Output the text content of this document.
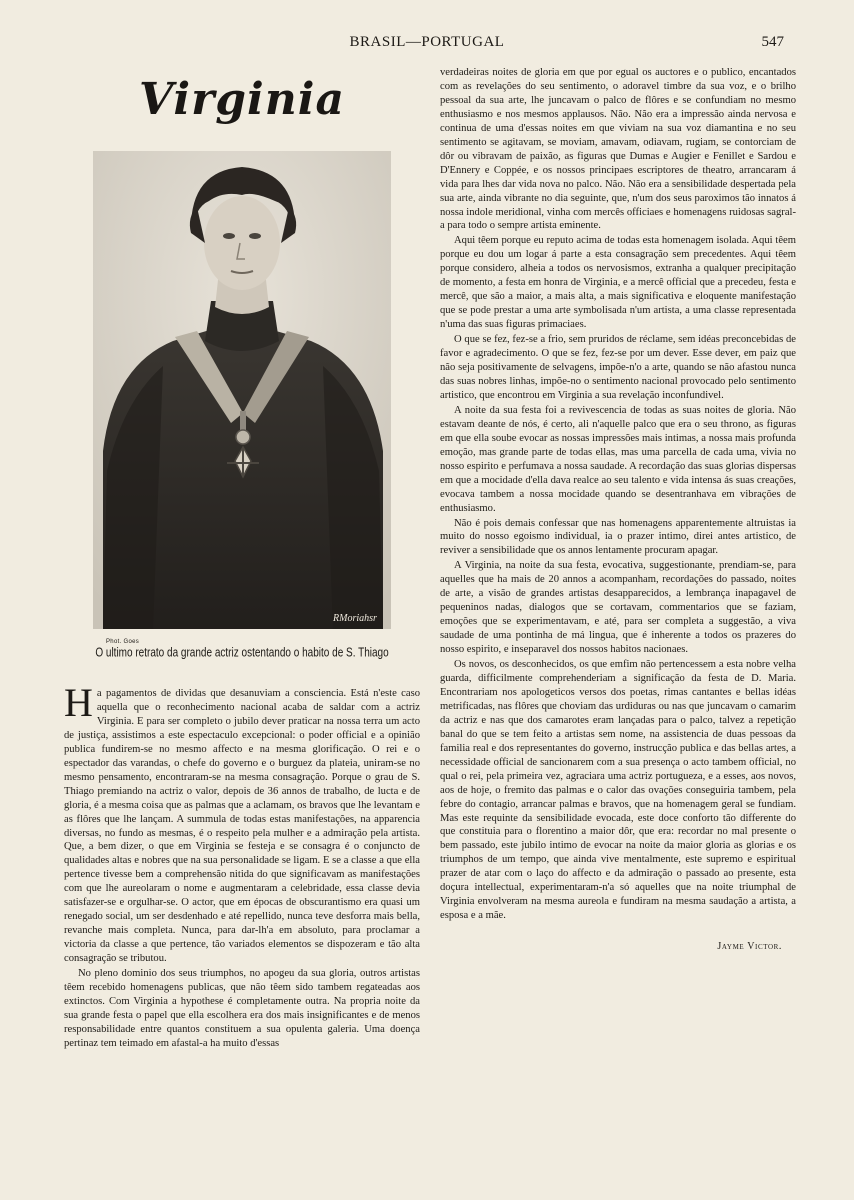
BRASIL—PORTUGAL	547
Virginia
RMoriahsr
Phot. Goes
O ultimo retrato da grande actriz ostentando o habito de S. Thiago

Ha pagamentos de dividas que desanuviam a consciencia. Está n'este caso aquella que o reconhecimento nacional acaba de saldar com a actriz Virginia. E para ser completo o jubilo dever praticar na nossa terra um acto de justiça, assistimos a este espectaculo excepcional: o poder official e a opinião publica fundirem-se no mesmo affecto e na mesma glorificação. O rei e o espectador das varandas, o chefe do governo e o burguez da plateia, uniram-se no mesmo pensamento, encontraram-se na mesma consagração. Porque o grau de S. Thiago premiando na actriz o valor, depois de 36 annos de trabalho, de lucta e de gloria, é a mesma coisa que as palmas que a aclamam, os bravos que lhe levantam e as flôres que lhe lançam. A summula de todas estas manifestações, na apparencia diversas, no fundo as mesmas, é o respeito pela mulher e a admiração pela artista. Que, a bem dizer, o que em Virginia se festeja e se consagra é o conjuncto de qualidades altas e nobres que na sua personalidade se ligam. E se a classe a que ella pertence tivesse bem a comprehensão nitida do que significavam as manifestações com que lhe aureolaram o nome e augmentaram a celebridade, essa classe devia satisfazer-se e orgulhar-se. O actor, que em épocas de obscurantismo era quasi um renegado social, um ser desdenhado e até repellido, nunca teve desforra mais bella, revanche mais completa. Nunca, para dar-lh'a em absoluto, para proclamar a victoria da classe a que pertence, tão variados elementos se dispozeram e tão alta consagração se tributou.

No pleno dominio dos seus triumphos, no apogeu da sua gloria, outros artistas têem recebido homenagens publicas, que não têem sido tambem regateadas aos extinctos. Com Virginia a hypothese é completamente outra. Na propria noite da sua grande festa o papel que ella escolhera era dos mais insignificantes e de menos responsabilidade entre quantos constituem a sua opulenta galeria. Uma doença pertinaz tem teimado em afastal-a ha muito d'essas

verdadeiras noites de gloria em que por egual os auctores e o publico, encantados com as revelações do seu sentimento, o adoravel timbre da sua voz, e o brilho pessoal da sua arte, lhe juncavam o palco de flôres e se confundiam no mesmo enthusiasmo e nos mesmos applausos. Não. Não era a impressão ainda nervosa e continua de uma d'essas noites em que viviam na sua voz diamantina e no seu sentimento se agitavam, se moviam, amavam, odiavam, rugiam, se contorciam de dôr ou vibravam de paixão, as figuras que Dumas e Augier e Fenillet e Sardou e D'Ennery e Coppée, e os nossos principaes escriptores de theatro, arrancaram á vida para lhes dar vida nova no palco. Não. Não era a sensibilidade despertada pela sua arte, ainda vibrante no dia seguinte, que, n'um dos seus paroximos tão innatos á nossa indole meridional, vinha com mercês officiaes e homenagens ruidosas sagral-a para todo o sempre artista eminente.

Aqui têem porque eu reputo acima de todas esta homenagem isolada. Aqui têem porque eu dou um logar á parte a esta consagração sem precedentes. Aqui têem porque considero, alheia a todos os nervosismos, extranha a qualquer precipitação de momento, a festa em honra de Virginia, e a mercê official que a precedeu, festa e mercê, que são a maior, a mais alta, a mais significativa e eloquente manifestação que se pode prestar a uma arte symbolisada n'um artista, a uma classe representada n'uma das suas figuras primaciaes.

O que se fez, fez-se a frio, sem pruridos de réclame, sem idéas preconcebidas de favor e agradecimento. O que se fez, fez-se por um dever. Esse dever, em paiz que não seja positivamente de selvagens, impõe-n'o a arte, quando se não afastou nunca das suas nobres linhas, impõe-no o sentimento nacional provocado pelo sentimento artistico, que encontrou em Virginia a sua revelação inconfundivel.

A noite da sua festa foi a revivescencia de todas as suas noites de gloria. Não estavam deante de nós, é certo, ali n'aquelle palco que era o seu throno, as figuras em que ella soube evocar as nossas impressões mais intimas, a nossa mais profunda emoção, mas grande parte de todas ellas, mas uma parcella de cada uma, vivia no nosso espirito e perfumava a nossa saudade. A recordação das suas glorias dispersas em que a mocidade d'ella dava realce ao seu talento e vida intensa ás suas creações, evocava tambem a nossa mocidade quando se desentranhava em vibrações de enthusiasmo.

Não é pois demais confessar que nas homenagens apparentemente altruistas ia muito do nosso egoismo individual, ia o prazer intimo, direi antes artistico, de reviver a sensibilidade que os annos lentamente procuram apagar.

A Virginia, na noite da sua festa, evocativa, suggestionante, prendiam-se, para aquelles que ha mais de 20 annos a acompanham, recordações do passado, noites de arte, a visão de grandes artistas desapparecidos, a lembrança inapagavel de pequeninos nadas, dialogos que se cortavam, commentarios que se faziam, emoções que se experimentavam, e até, para ser completa a suggestão, a viva saudade de uma pontinha de má lingua, que é inherente a todos os prazeres do nosso espirito, e inseparavel dos nossos habitos nacionaes.

Os novos, os desconhecidos, os que emfim não pertencessem a esta nobre velha guarda, difficilmente comprehenderiam a significação da festa de D. Maria. Encontrariam nos apologeticos versos dos poetas, rimas cantantes e bellas idéas metrificadas, nas flôres que choviam das urdiduras ou nas que juncavam o camarim da actriz e nas que dos camarotes eram lançadas para o palco, talvez a repetição banal do que se tem feito a artistas sem nome, na assistencia de duas pessoas da familia real e dos representantes do governo, instrucção publica e das bellas artes, a necessidade official de sancionarem com a sua presença o acto tambem official, no qual o rei, pela primeira vez, agraciara uma actriz portugueza, e a esses, aos novos, aos de hoje, o fremito das palmas e o calor das ovações conseguiria tambem, pela febre do contagio, arrancar palmas e bravos, que na homenagem geral se fundiam. Mas este requinte da sensibilidade evocada, este doce conforto tão differente do que constituia para o florentino a maior dôr, que era: recordar no mal presente o bem passado, este jubilo intimo de evocar na noite da maior gloria as glorias e os triumphos de um tempo, que ainda vive mentalmente, este supremo e espiritual prazer de atar com o laço do affecto e da admiração o passado ao presente, esta doçura intellectual, experimentaram-n'a só aquelles que na noite triumphal de Virginia envolveram na mesma aureola e fundiram na mesma saudação a artista, a esposa e a mãe.

Jayme Victor.
